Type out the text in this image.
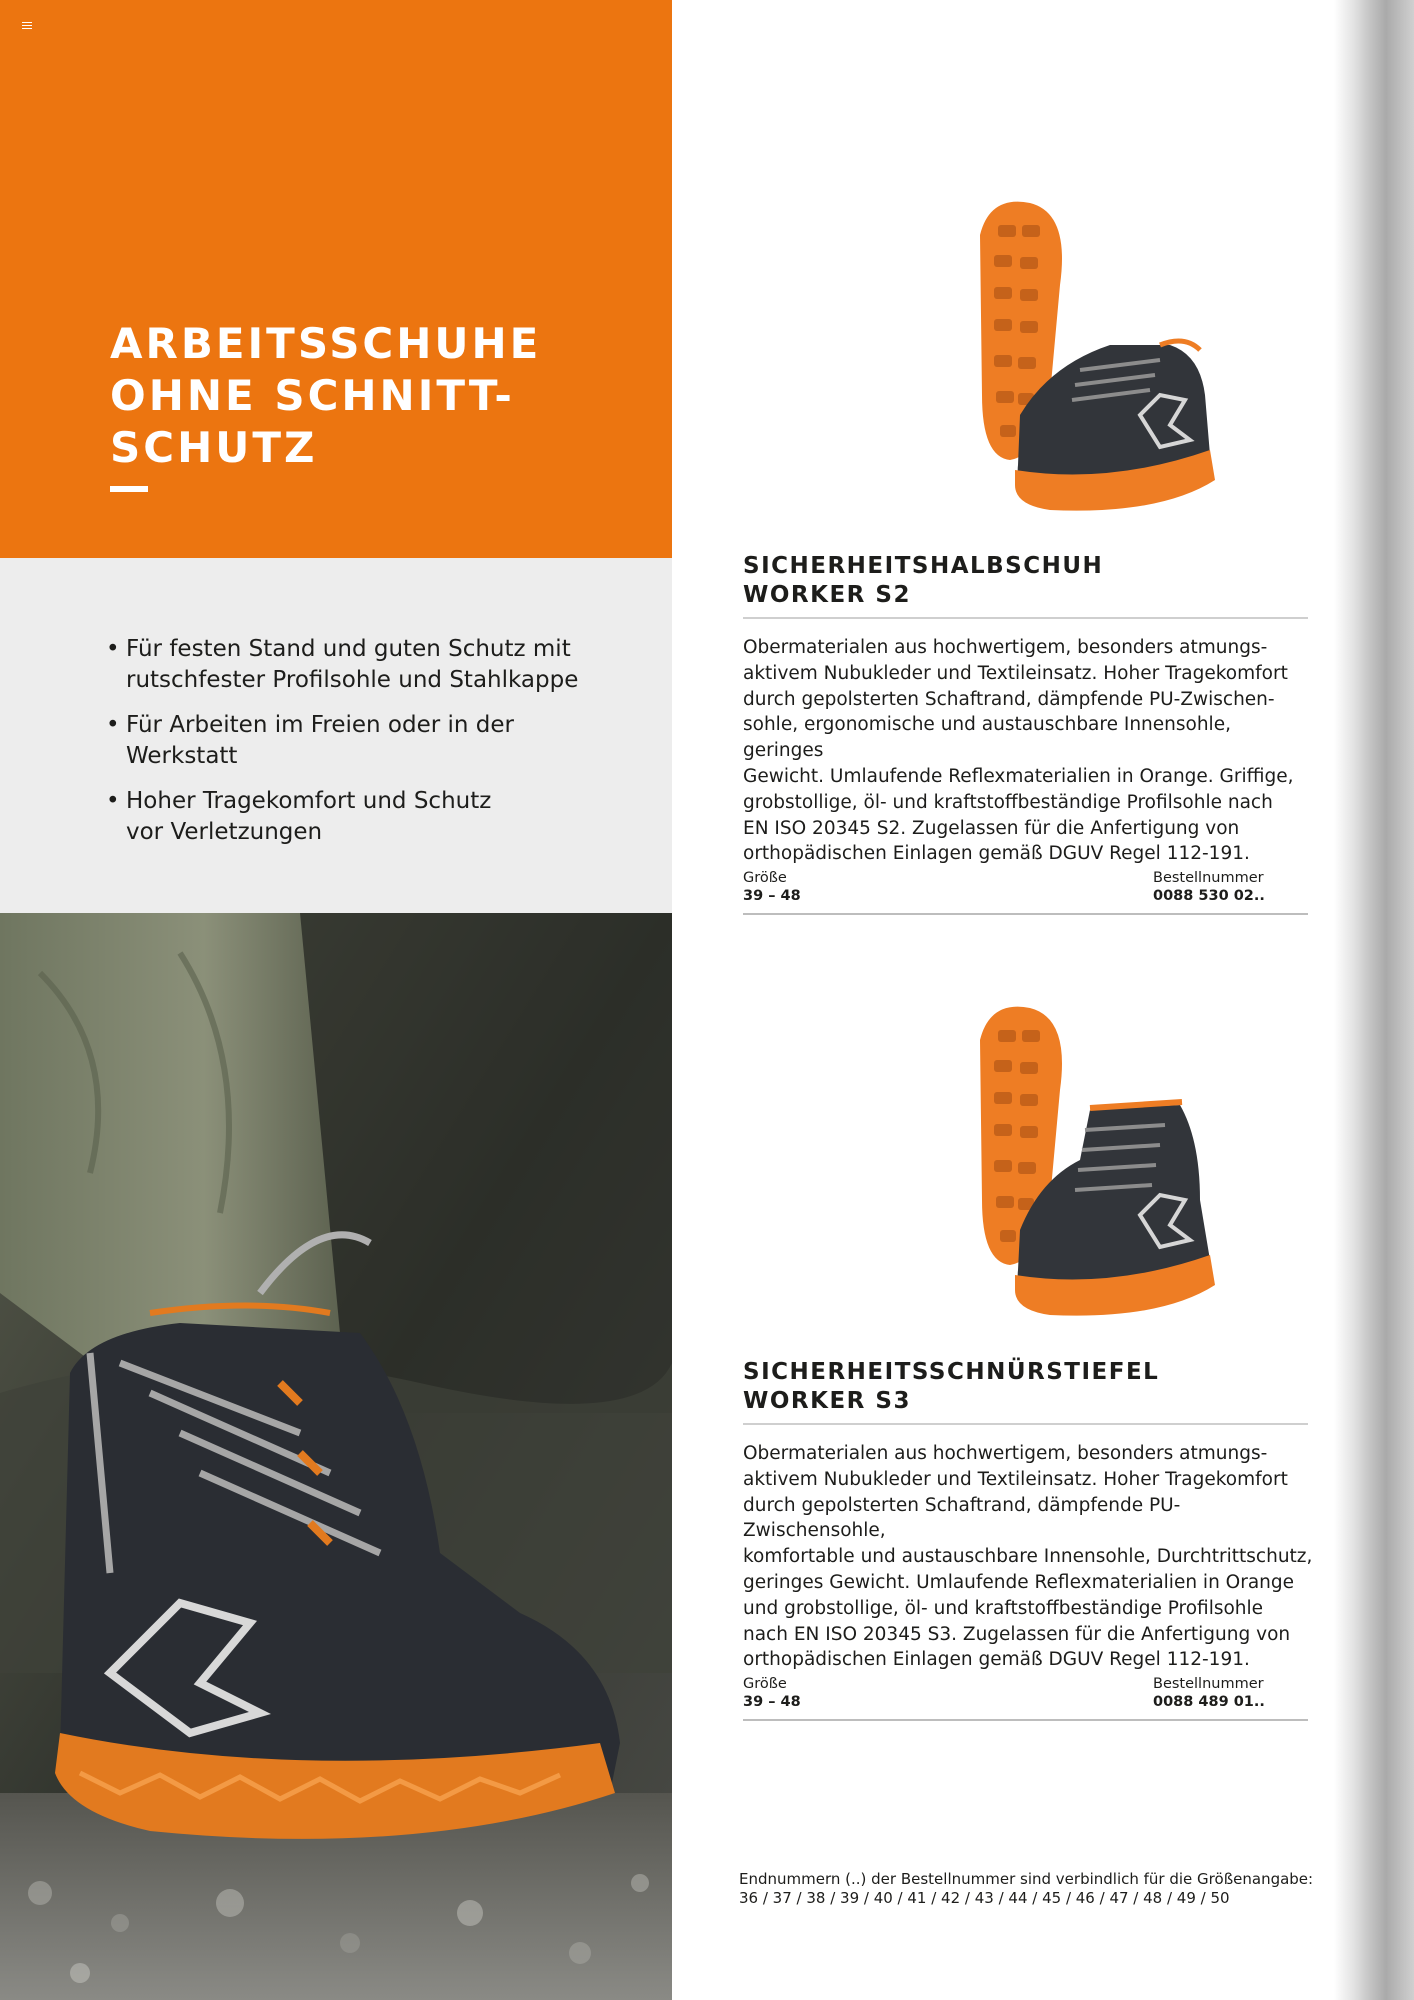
ARBEITSSCHUHE
OHNE SCHNITT-
SCHUTZ
• Für festen Stand und guten Schutz mit
rutschfester Profilsohle und Stahlkappe
• Für Arbeiten im Freien oder in der
Werkstatt
• Hoher Tragekomfort und Schutz
vor Verletzungen
SICHERHEITSHALBSCHUH
WORKER S2

Obermaterialen aus hochwertigem, besonders atmungs-
aktivem Nubukleder und Textileinsatz. Hoher Tragekomfort
durch gepolsterten Schaftrand, dämpfende PU-Zwischen-
sohle, ergonomische und austauschbare Innensohle, geringes
Gewicht. Umlaufende Reflexmaterialien in Orange. Griffige,
grobstollige, öl- und kraftstoffbeständige Profilsohle nach
EN ISO 20345 S2. Zugelassen für die Anfertigung von
orthopädischen Einlagen gemäß DGUV Regel 112-191.

Größe
39 – 48
Bestellnummer
0088 530 02..
SICHERHEITSSCHNÜRSTIEFEL
WORKER S3

Obermaterialen aus hochwertigem, besonders atmungs-
aktivem Nubukleder und Textileinsatz. Hoher Tragekomfort
durch gepolsterten Schaftrand, dämpfende PU-Zwischensohle,
komfortable und austauschbare Innensohle, Durchtrittschutz,
geringes Gewicht. Umlaufende Reflexmaterialien in Orange
und grobstollige, öl- und kraftstoffbeständige Profilsohle
nach EN ISO 20345 S3. Zugelassen für die Anfertigung von
orthopädischen Einlagen gemäß DGUV Regel 112-191.

Größe
39 – 48
Bestellnummer
0088 489 01..
Endnummern (..) der Bestellnummer sind verbindlich für die Größenangabe:
36 / 37 / 38 / 39 / 40 / 41 / 42 / 43 / 44 / 45 / 46 / 47 / 48 / 49 / 50
